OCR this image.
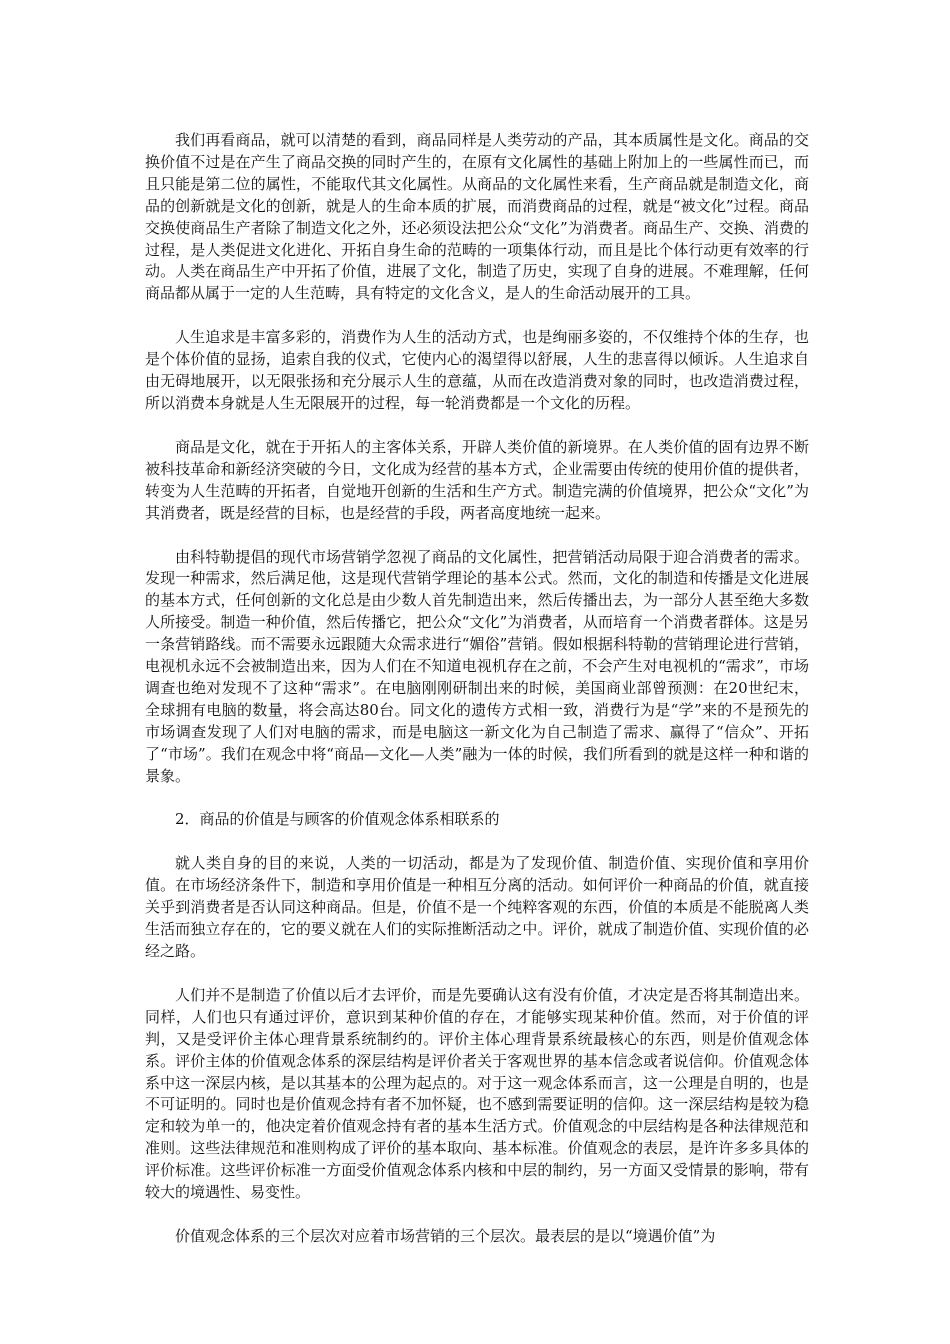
我们再看商品，就可以清楚的看到，商品同样是人类劳动的产品，其本质属性是文化。商品的交换价值不过是在产生了商品交换的同时产生的，在原有文化属性的基础上附加上的一些属性而已，而且只能是第二位的属性，不能取代其文化属性。从商品的文化属性来看，生产商品就是制造文化，商品的创新就是文化的创新，就是人的生命本质的扩展，而消费商品的过程，就是“被文化”过程。商品交换使商品生产者除了制造文化之外，还必须设法把公众“文化”为消费者。商品生产、交换、消费的过程，是人类促进文化进化、开拓自身生命的范畴的一项集体行动，而且是比个体行动更有效率的行动。人类在商品生产中开拓了价值，进展了文化，制造了历史，实现了自身的进展。不难理解，任何商品都从属于一定的人生范畴，具有特定的文化含义，是人的生命活动展开的工具。

人生追求是丰富多彩的，消费作为人生的活动方式，也是绚丽多姿的，不仅维持个体的生存，也是个体价值的显扬，追索自我的仪式，它使内心的渴望得以舒展，人生的悲喜得以倾诉。人生追求自由无碍地展开，以无限张扬和充分展示人生的意蕴，从而在改造消费对象的同时，也改造消费过程，所以消费本身就是人生无限展开的过程，每一轮消费都是一个文化的历程。

商品是文化，就在于开拓人的主客体关系，开辟人类价值的新境界。在人类价值的固有边界不断被科技革命和新经济突破的今日，文化成为经营的基本方式，企业需要由传统的使用价值的提供者，转变为人生范畴的开拓者，自觉地开创新的生活和生产方式。制造完满的价值境界，把公众“文化”为其消费者，既是经营的目标，也是经营的手段，两者高度地统一起来。

由科特勒提倡的现代市场营销学忽视了商品的文化属性，把营销活动局限于迎合消费者的需求。发现一种需求，然后满足他，这是现代营销学理论的基本公式。然而，文化的制造和传播是文化进展的基本方式，任何创新的文化总是由少数人首先制造出来，然后传播出去，为一部分人甚至绝大多数人所接受。制造一种价值，然后传播它，把公众“文化”为消费者，从而培育一个消费者群体。这是另一条营销路线。而不需要永远跟随大众需求进行“媚俗”营销。假如根据科特勒的营销理论进行营销，电视机永远不会被制造出来，因为人们在不知道电视机存在之前，不会产生对电视机的“需求”，市场调查也绝对发现不了这种“需求”。在电脑刚刚研制出来的时候，美国商业部曾预测：在20世纪末，全球拥有电脑的数量，将会高达80台。同文化的遗传方式相一致，消费行为是“学”来的不是预先的市场调查发现了人们对电脑的需求，而是电脑这一新文化为自己制造了需求、赢得了“信众”、开拓了“市场”。我们在观念中将“商品—文化—人类”融为一体的时候，我们所看到的就是这样一种和谐的景象。

2．商品的价值是与顾客的价值观念体系相联系的

就人类自身的目的来说，人类的一切活动，都是为了发现价值、制造价值、实现价值和享用价值。在市场经济条件下，制造和享用价值是一种相互分离的活动。如何评价一种商品的价值，就直接关乎到消费者是否认同这种商品。但是，价值不是一个纯粹客观的东西，价值的本质是不能脱离人类生活而独立存在的，它的要义就在人们的实际推断活动之中。评价，就成了制造价值、实现价值的必经之路。

人们并不是制造了价值以后才去评价，而是先要确认这有没有价值，才决定是否将其制造出来。同样，人们也只有通过评价，意识到某种价值的存在，才能够实现某种价值。然而，对于价值的评判，又是受评价主体心理背景系统制约的。评价主体心理背景系统最核心的东西，则是价值观念体系。评价主体的价值观念体系的深层结构是评价者关于客观世界的基本信念或者说信仰。价值观念体系中这一深层内核，是以其基本的公理为起点的。对于这一观念体系而言，这一公理是自明的，也是不可证明的。同时也是价值观念持有者不加怀疑，也不感到需要证明的信仰。这一深层结构是较为稳定和较为单一的，他决定着价值观念持有者的基本生活方式。价值观念的中层结构是各种法律规范和准则。这些法律规范和准则构成了评价的基本取向、基本标准。价值观念的表层，是许许多多具体的评价标准。这些评价标准一方面受价值观念体系内核和中层的制约，另一方面又受情景的影响，带有较大的境遇性、易变性。

价值观念体系的三个层次对应着市场营销的三个层次。最表层的是以“境遇价值”为
